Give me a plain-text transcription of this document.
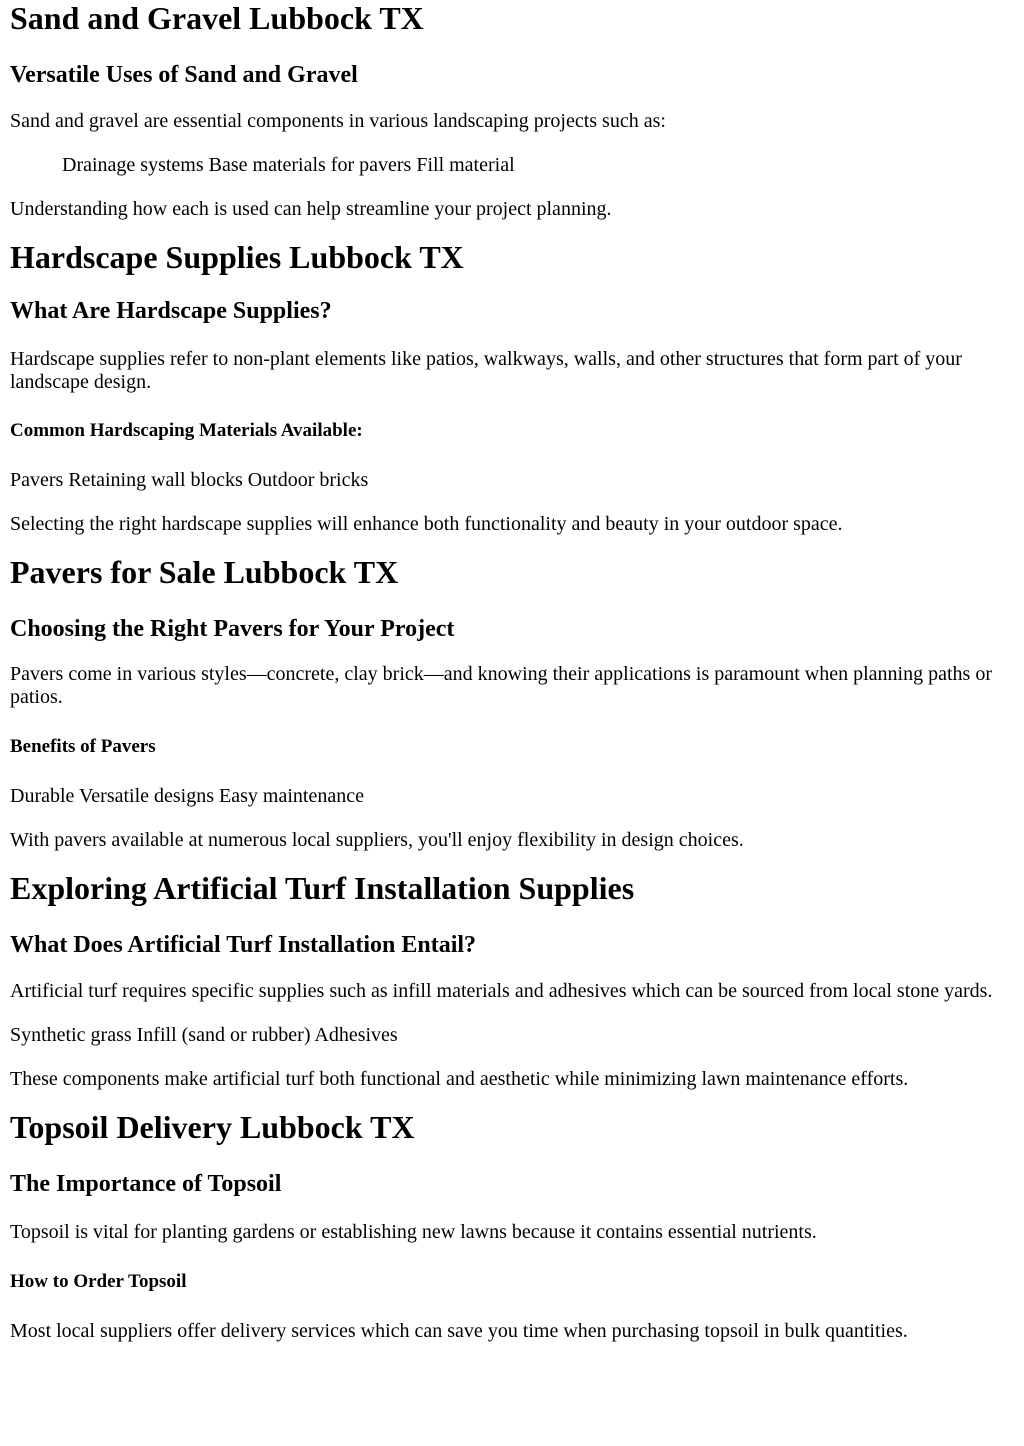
Sand and Gravel Lubbock TX
Versatile Uses of Sand and Gravel

Sand and gravel are essential components in various landscaping projects such as:

Drainage systems Base materials for pavers Fill material

Understanding how each is used can help streamline your project planning.

Hardscape Supplies Lubbock TX
What Are Hardscape Supplies?

Hardscape supplies refer to non-plant elements like patios, walkways, walls, and other structures that form part of your landscape design.

Common Hardscaping Materials Available:

Pavers Retaining wall blocks Outdoor bricks

Selecting the right hardscape supplies will enhance both functionality and beauty in your outdoor space.

Pavers for Sale Lubbock TX
Choosing the Right Pavers for Your Project

Pavers come in various styles—concrete, clay brick—and knowing their applications is paramount when planning paths or patios.

Benefits of Pavers

Durable Versatile designs Easy maintenance

With pavers available at numerous local suppliers, you'll enjoy flexibility in design choices.

Exploring Artificial Turf Installation Supplies
What Does Artificial Turf Installation Entail?

Artificial turf requires specific supplies such as infill materials and adhesives which can be sourced from local stone yards.

Synthetic grass Infill (sand or rubber) Adhesives

These components make artificial turf both functional and aesthetic while minimizing lawn maintenance efforts.

Topsoil Delivery Lubbock TX
The Importance of Topsoil

Topsoil is vital for planting gardens or establishing new lawns because it contains essential nutrients.

How to Order Topsoil

Most local suppliers offer delivery services which can save you time when purchasing topsoil in bulk quantities.
